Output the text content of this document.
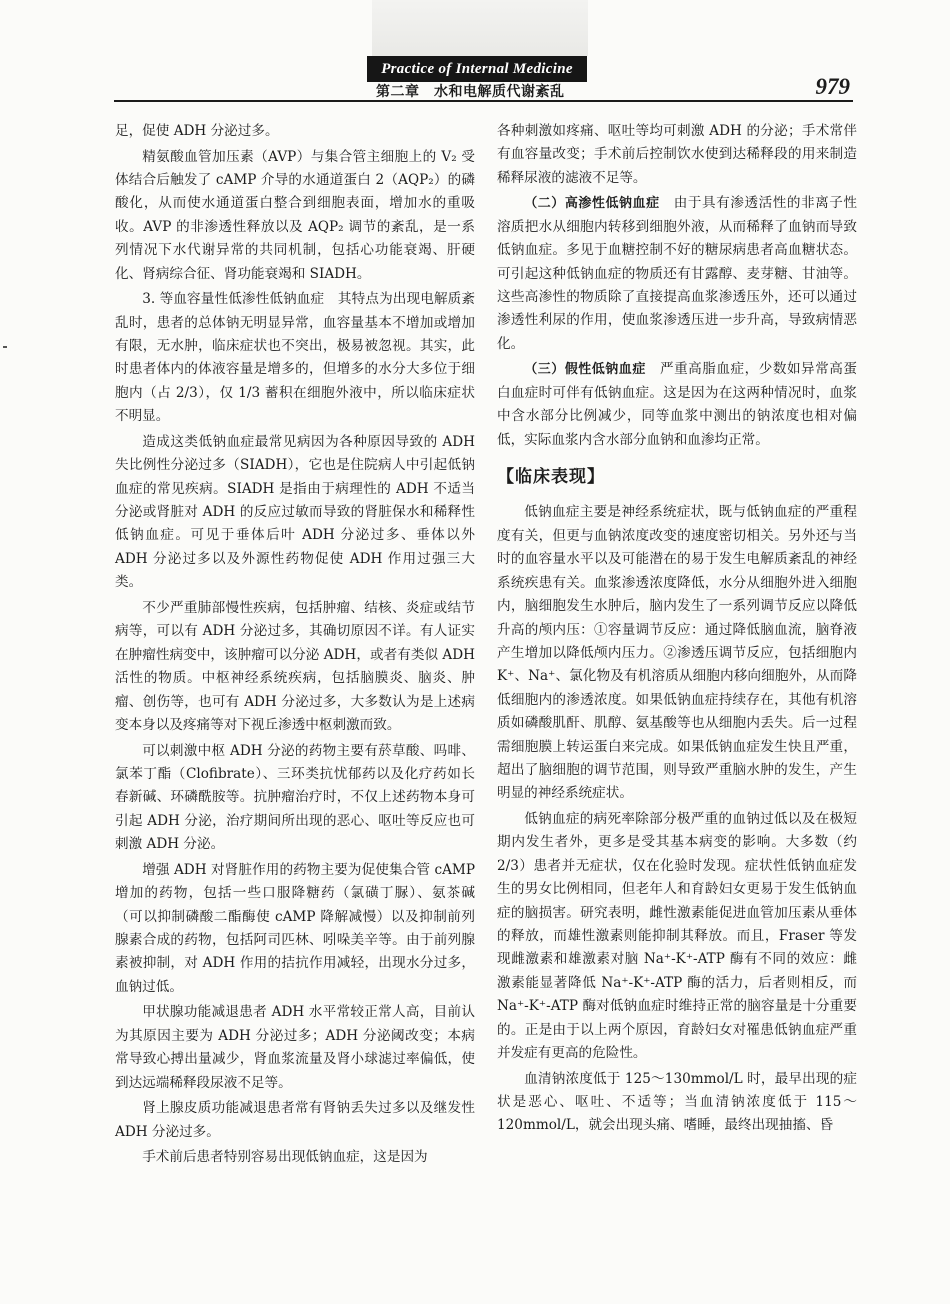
Practice of Internal Medicine
第二章　水和电解质代谢紊乱	979

足，促使 ADH 分泌过多。

精氨酸血管加压素（AVP）与集合管主细胞上的 V₂ 受体结合后触发了 cAMP 介导的水通道蛋白 2（AQP₂）的磷酸化，从而使水通道蛋白整合到细胞表面，增加水的重吸收。AVP 的非渗透性释放以及 AQP₂ 调节的紊乱，是一系列情况下水代谢异常的共同机制，包括心功能衰竭、肝硬化、肾病综合征、肾功能衰竭和 SIADH。

3. 等血容量性低渗性低钠血症　其特点为出现电解质紊乱时，患者的总体钠无明显异常，血容量基本不增加或增加有限，无水肿，临床症状也不突出，极易被忽视。其实，此时患者体内的体液容量是增多的，但增多的水分大多位于细胞内（占 2/3），仅 1/3 蓄积在细胞外液中，所以临床症状不明显。

造成这类低钠血症最常见病因为各种原因导致的 ADH 失比例性分泌过多（SIADH），它也是住院病人中引起低钠血症的常见疾病。SIADH 是指由于病理性的 ADH 不适当分泌或肾脏对 ADH 的反应过敏而导致的肾脏保水和稀释性低钠血症。可见于垂体后叶 ADH 分泌过多、垂体以外 ADH 分泌过多以及外源性药物促使 ADH 作用过强三大类。

不少严重肺部慢性疾病，包括肿瘤、结核、炎症或结节病等，可以有 ADH 分泌过多，其确切原因不详。有人证实在肿瘤性病变中，该肿瘤可以分泌 ADH，或者有类似 ADH 活性的物质。中枢神经系统疾病，包括脑膜炎、脑炎、肿瘤、创伤等，也可有 ADH 分泌过多，大多数认为是上述病变本身以及疼痛等对下视丘渗透中枢刺激而致。

可以刺激中枢 ADH 分泌的药物主要有菸草酸、吗啡、氯苯丁酯（Clofibrate）、三环类抗忧郁药以及化疗药如长春新碱、环磷酰胺等。抗肿瘤治疗时，不仅上述药物本身可引起 ADH 分泌，治疗期间所出现的恶心、呕吐等反应也可刺激 ADH 分泌。

增强 ADH 对肾脏作用的药物主要为促使集合管 cAMP 增加的药物，包括一些口服降糖药（氯磺丁脲）、氨茶碱（可以抑制磷酸二酯酶使 cAMP 降解减慢）以及抑制前列腺素合成的药物，包括阿司匹林、吲哚美辛等。由于前列腺素被抑制，对 ADH 作用的拮抗作用减轻，出现水分过多，血钠过低。

甲状腺功能减退患者 ADH 水平常较正常人高，目前认为其原因主要为 ADH 分泌过多；ADH 分泌阈改变；本病常导致心搏出量减少，肾血浆流量及肾小球滤过率偏低，使到达远端稀释段尿液不足等。

肾上腺皮质功能减退患者常有肾钠丢失过多以及继发性 ADH 分泌过多。

手术前后患者特别容易出现低钠血症，这是因为

各种刺激如疼痛、呕吐等均可刺激 ADH 的分泌；手术常伴有血容量改变；手术前后控制饮水使到达稀释段的用来制造稀释尿液的滤液不足等。

（二）高渗性低钠血症　由于具有渗透活性的非离子性溶质把水从细胞内转移到细胞外液，从而稀释了血钠而导致低钠血症。多见于血糖控制不好的糖尿病患者高血糖状态。可引起这种低钠血症的物质还有甘露醇、麦芽糖、甘油等。这些高渗性的物质除了直接提高血浆渗透压外，还可以通过渗透性利尿的作用，使血浆渗透压进一步升高，导致病情恶化。

（三）假性低钠血症　严重高脂血症，少数如异常高蛋白血症时可伴有低钠血症。这是因为在这两种情况时，血浆中含水部分比例减少，同等血浆中测出的钠浓度也相对偏低，实际血浆内含水部分血钠和血渗均正常。

【临床表现】

低钠血症主要是神经系统症状，既与低钠血症的严重程度有关，但更与血钠浓度改变的速度密切相关。另外还与当时的血容量水平以及可能潜在的易于发生电解质紊乱的神经系统疾患有关。血浆渗透浓度降低，水分从细胞外进入细胞内，脑细胞发生水肿后，脑内发生了一系列调节反应以降低升高的颅内压：①容量调节反应：通过降低脑血流，脑脊液产生增加以降低颅内压力。②渗透压调节反应，包括细胞内 K⁺、Na⁺、氯化物及有机溶质从细胞内移向细胞外，从而降低细胞内的渗透浓度。如果低钠血症持续存在，其他有机溶质如磷酸肌酐、肌醇、氨基酸等也从细胞内丢失。后一过程需细胞膜上转运蛋白来完成。如果低钠血症发生快且严重，超出了脑细胞的调节范围，则导致严重脑水肿的发生，产生明显的神经系统症状。

低钠血症的病死率除部分极严重的血钠过低以及在极短期内发生者外，更多是受其基本病变的影响。大多数（约 2/3）患者并无症状，仅在化验时发现。症状性低钠血症发生的男女比例相同，但老年人和育龄妇女更易于发生低钠血症的脑损害。研究表明，雌性激素能促进血管加压素从垂体的释放，而雄性激素则能抑制其释放。而且，Fraser 等发现雌激素和雄激素对脑 Na⁺-K⁺-ATP 酶有不同的效应：雌激素能显著降低 Na⁺-K⁺-ATP 酶的活力，后者则相反，而 Na⁺-K⁺-ATP 酶对低钠血症时维持正常的脑容量是十分重要的。正是由于以上两个原因，育龄妇女对罹患低钠血症严重并发症有更高的危险性。

血清钠浓度低于 125～130mmol/L 时，最早出现的症状是恶心、呕吐、不适等；当血清钠浓度低于 115～120mmol/L，就会出现头痛、嗜睡，最终出现抽搐、昏
